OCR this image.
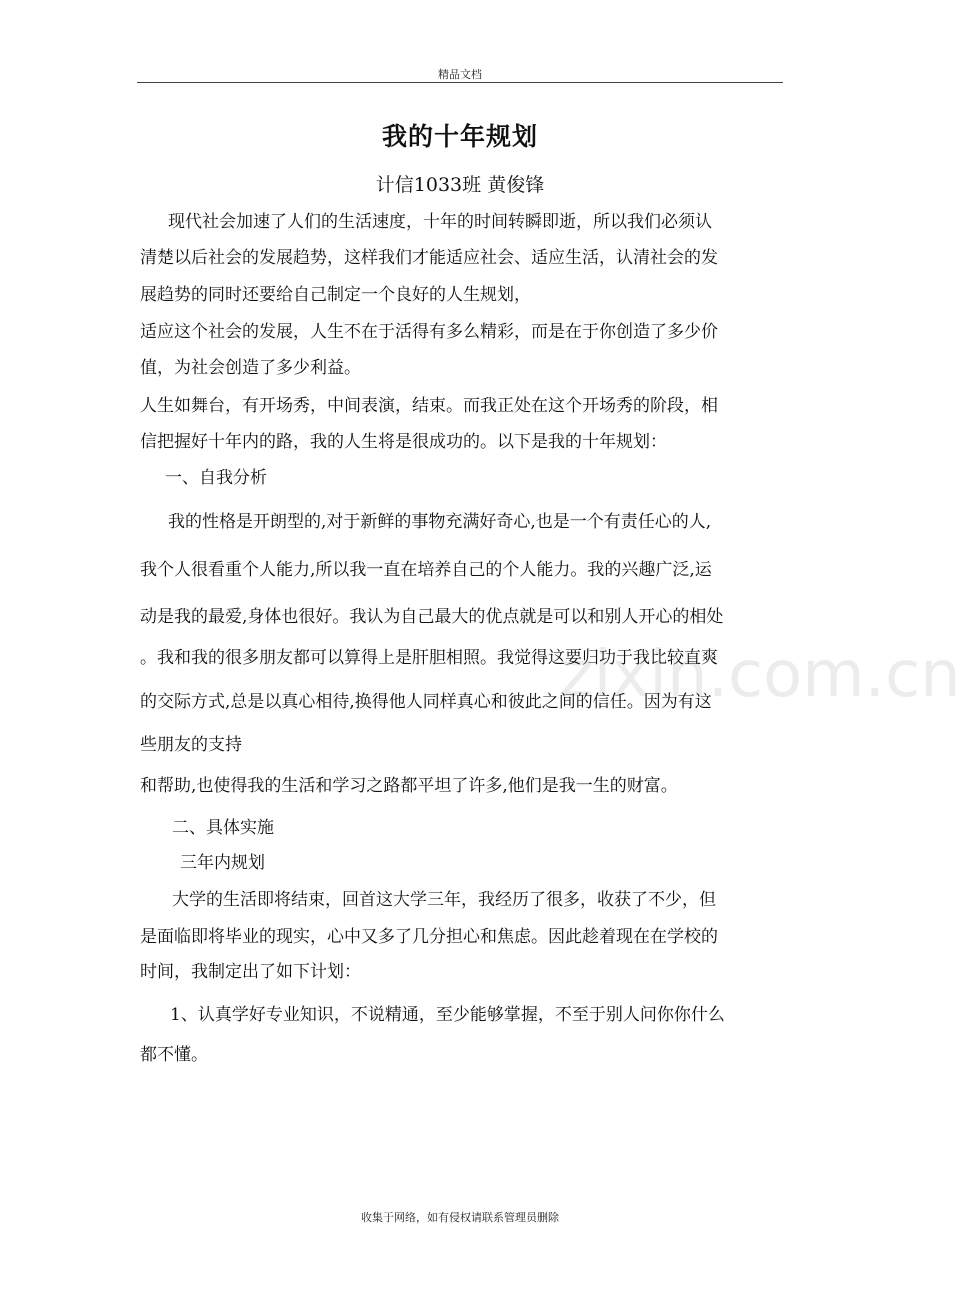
精品文档
我的十年规划
计信1033班 黄俊锋
现代社会加速了人们的生活速度，十年的时间转瞬即逝，所以我们必须认
清楚以后社会的发展趋势，这样我们才能适应社会、适应生活，认清社会的发
展趋势的同时还要给自己制定一个良好的人生规划，
适应这个社会的发展，人生不在于活得有多么精彩，而是在于你创造了多少价
值，为社会创造了多少利益。
人生如舞台，有开场秀，中间表演，结束。而我正处在这个开场秀的阶段，相
信把握好十年内的路，我的人生将是很成功的。以下是我的十年规划：
一、自我分析
我的性格是开朗型的,对于新鲜的事物充满好奇心,也是一个有责任心的人,
我个人很看重个人能力,所以我一直在培养自己的个人能力。我的兴趣广泛,运
动是我的最爱,身体也很好。我认为自己最大的优点就是可以和别人开心的相处
。我和我的很多朋友都可以算得上是肝胆相照。我觉得这要归功于我比较直爽
的交际方式,总是以真心相待,换得他人同样真心和彼此之间的信任。因为有这
些朋友的支持
和帮助,也使得我的生活和学习之路都平坦了许多,他们是我一生的财富。
二、具体实施
三年内规划
大学的生活即将结束，回首这大学三年，我经历了很多，收获了不少，但
是面临即将毕业的现实，心中又多了几分担心和焦虑。因此趁着现在在学校的
时间，我制定出了如下计划：
1、认真学好专业知识，不说精通，至少能够掌握，不至于别人问你你什么
都不懂。
zixin.com.cn
收集于网络，如有侵权请联系管理员删除
